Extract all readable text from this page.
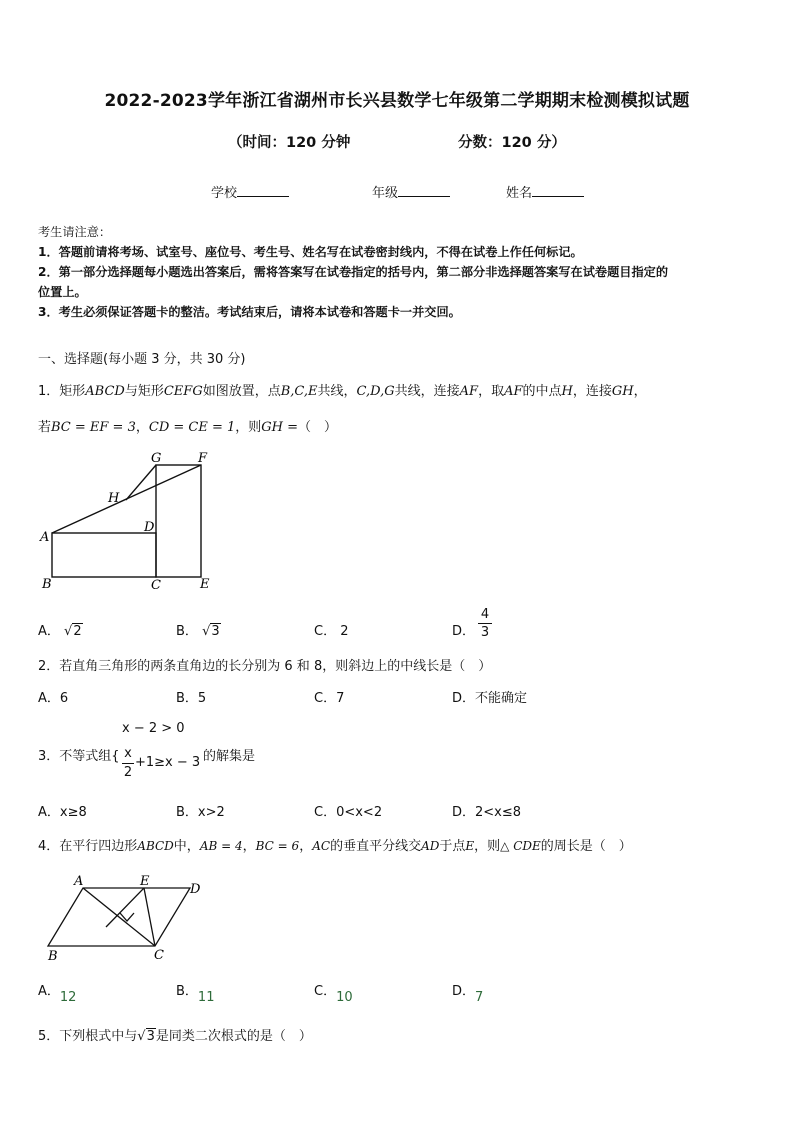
2022-2023学年浙江省湖州市长兴县数学七年级第二学期期末检测模拟试题
（时间：120 分钟	分数：120 分）
学校	年级	姓名
考生请注意：
1．答题前请将考场、试室号、座位号、考生号、姓名写在试卷密封线内，不得在试卷上作任何标记。
2．第一部分选择题每小题选出答案后，需将答案写在试卷指定的括号内，第二部分非选择题答案写在试卷题目指定的
位置上。
3．考生必须保证答题卡的整洁。考试结束后，请将本试卷和答题卡一并交回。
一、选择题(每小题 3 分，共 30 分)
1．矩形ABCD与矩形CEFG如图放置，点B,C,E共线，C,D,G共线，连接AF，取AF的中点H，连接GH，
若BC = EF = 3，CD = CE = 1，则GH =（　）
G	F
H
D
A
B	C	E
A． √2	B． √3	C． 2	D． $\frac{4}{3}$
2．若直角三角形的两条直角边的长分别为 6 和 8，则斜边上的中线长是（　）
A．6	B．5	C．7	D．不能确定
x − 2 > 0
3．不等式组{ $\frac{x}{2} +1\ge x - 3$ 的解集是
A．x≥8	B．x>2	C．0<x<2	D．2<x≤8
4．在平行四边形ABCD中，AB = 4，BC = 6，AC的垂直平分线交AD于点E，则△ CDE的周长是（　）
A	E
D
B	C
A．12	B．11	C．10	D．7
5．下列根式中与√3是同类二次根式的是（　）
